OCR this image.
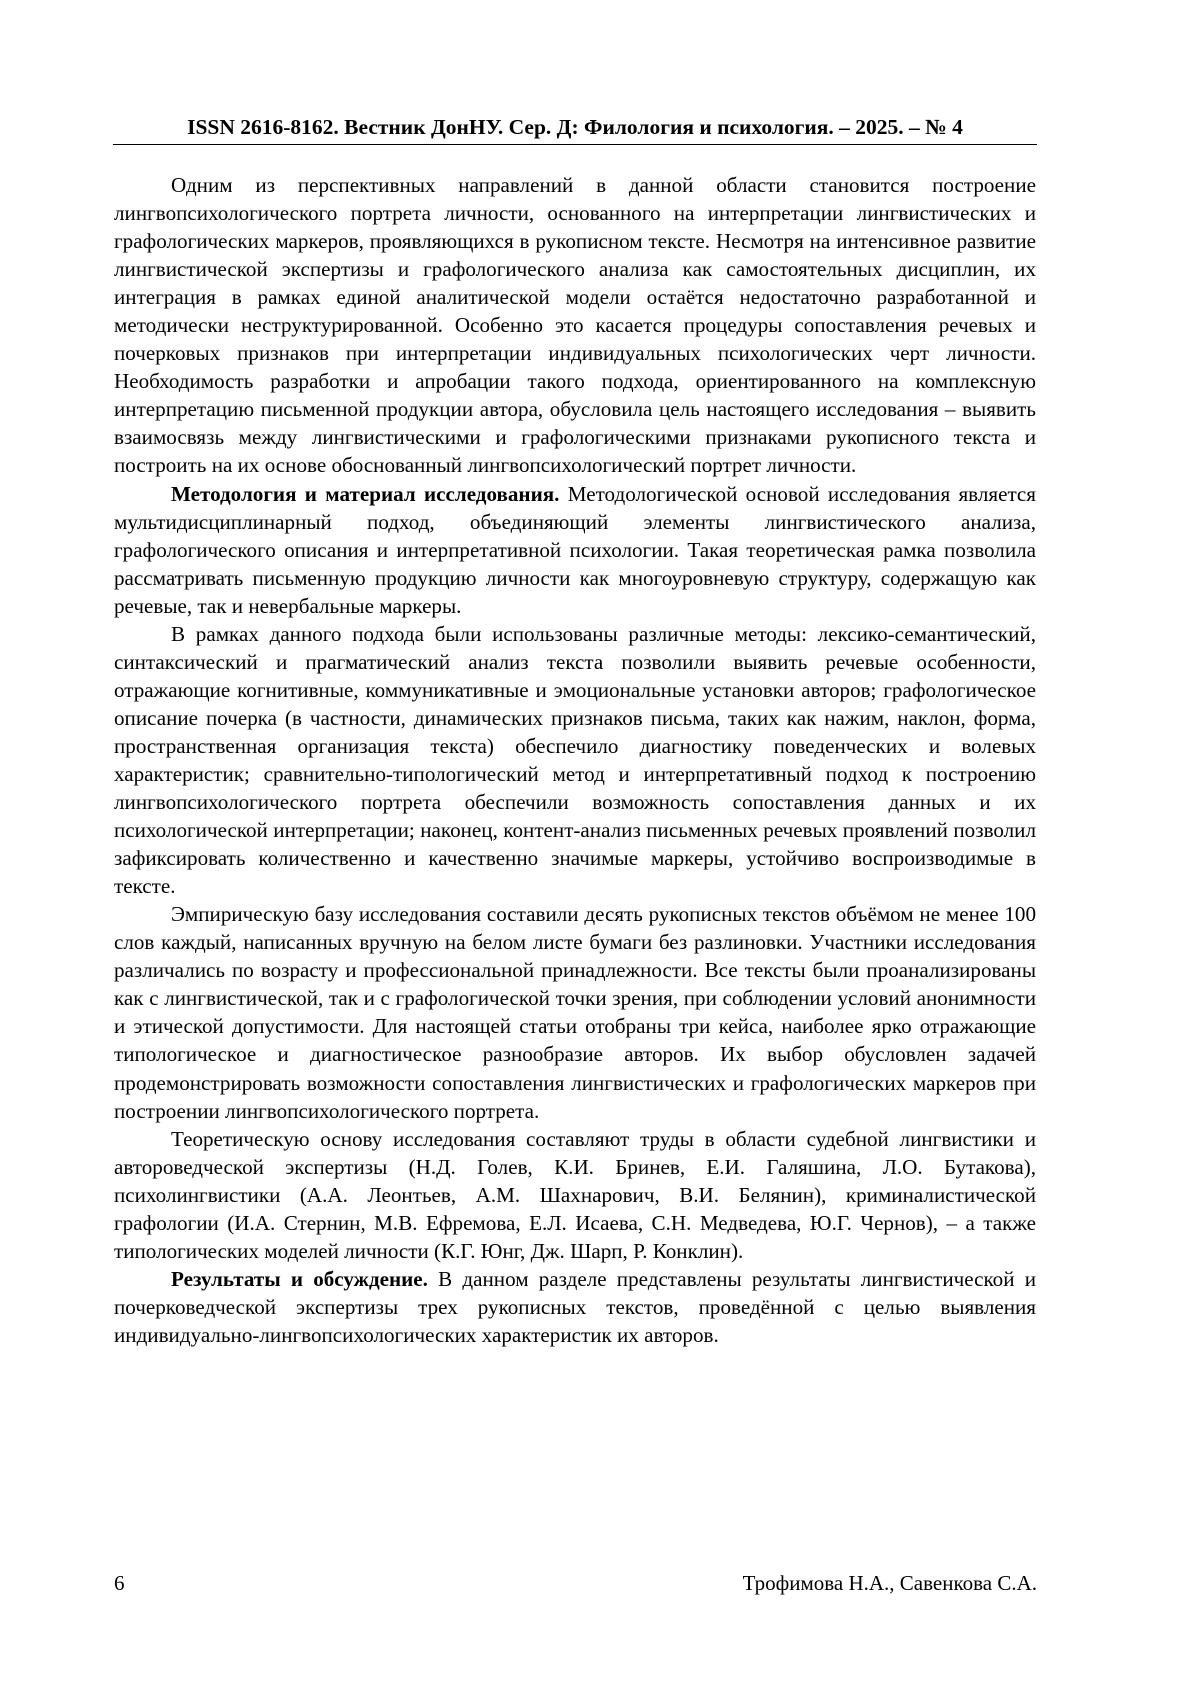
ISSN 2616-8162. Вестник ДонНУ. Сер. Д: Филология и психология. – 2025. – № 4

Одним из перспективных направлений в данной области становится построение лингвопсихологического портрета личности, основанного на интерпретации лингвистических и графологических маркеров, проявляющихся в рукописном тексте. Несмотря на интенсивное развитие лингвистической экспертизы и графологического анализа как самостоятельных дисциплин, их интеграция в рамках единой аналитической модели остаётся недостаточно разработанной и методически неструктурированной. Особенно это касается процедуры сопоставления речевых и почерковых признаков при интерпретации индивидуальных психологических черт личности. Необходимость разработки и апробации такого подхода, ориентированного на комплексную интерпретацию письменной продукции автора, обусловила цель настоящего исследования – выявить взаимосвязь между лингвистическими и графологическими признаками рукописного текста и построить на их основе обоснованный лингвопсихологический портрет личности.

Методология и материал исследования. Методологической основой исследования является мультидисциплинарный подход, объединяющий элементы лингвистического анализа, графологического описания и интерпретативной психологии. Такая теоретическая рамка позволила рассматривать письменную продукцию личности как многоуровневую структуру, содержащую как речевые, так и невербальные маркеры.

В рамках данного подхода были использованы различные методы: лексико-семантический, синтаксический и прагматический анализ текста позволили выявить речевые особенности, отражающие когнитивные, коммуникативные и эмоциональные установки авторов; графологическое описание почерка (в частности, динамических признаков письма, таких как нажим, наклон, форма, пространственная организация текста) обеспечило диагностику поведенческих и волевых характеристик; сравнительно-типологический метод и интерпретативный подход к построению лингвопсихологического портрета обеспечили возможность сопоставления данных и их психологической интерпретации; наконец, контент-анализ письменных речевых проявлений позволил зафиксировать количественно и качественно значимые маркеры, устойчиво воспроизводимые в тексте.

Эмпирическую базу исследования составили десять рукописных текстов объёмом не менее 100 слов каждый, написанных вручную на белом листе бумаги без разлиновки. Участники исследования различались по возрасту и профессиональной принадлежности. Все тексты были проанализированы как с лингвистической, так и с графологической точки зрения, при соблюдении условий анонимности и этической допустимости. Для настоящей статьи отобраны три кейса, наиболее ярко отражающие типологическое и диагностическое разнообразие авторов. Их выбор обусловлен задачей продемонстрировать возможности сопоставления лингвистических и графологических маркеров при построении лингвопсихологического портрета.

Теоретическую основу исследования составляют труды в области судебной лингвистики и автороведческой экспертизы (Н.Д. Голев, К.И. Бринев, Е.И. Галяшина, Л.О. Бутакова), психолингвистики (А.А. Леонтьев, А.М. Шахнарович, В.И. Белянин), криминалистической графологии (И.А. Стернин, М.В. Ефремова, Е.Л. Исаева, С.Н. Медведева, Ю.Г. Чернов), – а также типологических моделей личности (К.Г. Юнг, Дж. Шарп, Р. Конклин).

Результаты и обсуждение. В данном разделе представлены результаты лингвистической и почерковедческой экспертизы трех рукописных текстов, проведённой с целью выявления индивидуально-лингвопсихологических характеристик их авторов.

6	Трофимова Н.А., Савенкова С.А.
